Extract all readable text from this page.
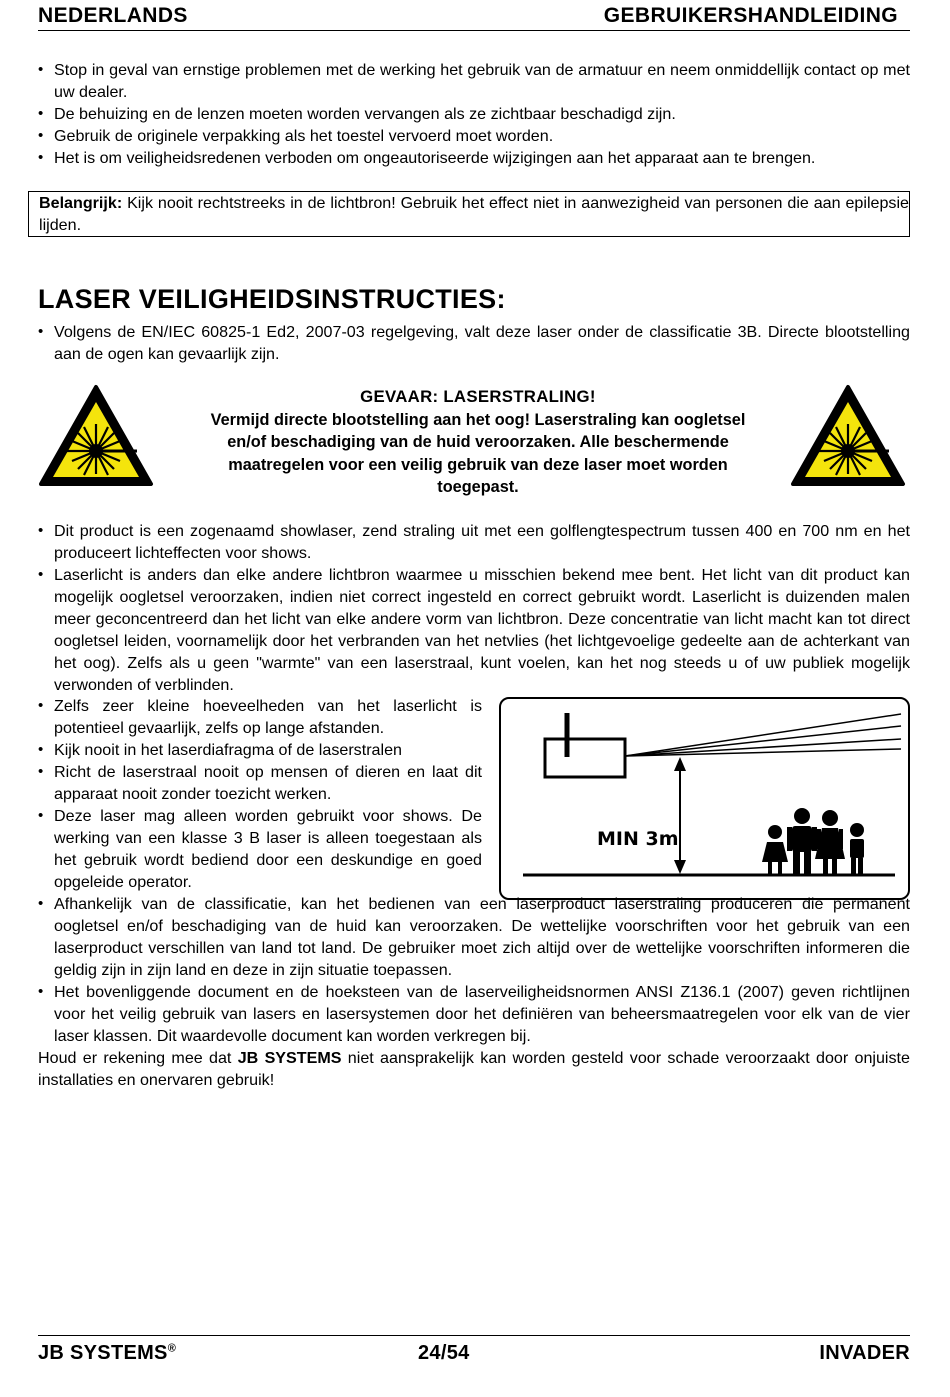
NEDERLANDS	GEBRUIKERSHANDLEIDING
• Stop in geval van ernstige problemen met de werking het gebruik van de armatuur en neem onmiddellijk contact op met uw dealer.
• De behuizing en de lenzen moeten worden vervangen als ze zichtbaar beschadigd zijn.
• Gebruik de originele verpakking als het toestel vervoerd moet worden.
• Het is om veiligheidsredenen verboden om ongeautoriseerde wijzigingen aan het apparaat aan te brengen.
Belangrijk: Kijk nooit rechtstreeks in de lichtbron! Gebruik het effect niet in aanwezigheid van personen die aan epilepsie lijden.
LASER VEILIGHEIDSINSTRUCTIES:
• Volgens de EN/IEC 60825-1 Ed2, 2007-03 regelgeving, valt deze laser onder de classificatie 3B. Directe blootstelling aan de ogen kan gevaarlijk zijn.
GEVAAR: LASERSTRALING!
Vermijd directe blootstelling aan het oog! Laserstraling kan oogletsel en/of beschadiging van de huid veroorzaken. Alle beschermende maatregelen voor een veilig gebruik van deze laser moet worden toegepast.
• Dit product is een zogenaamd showlaser, zend straling uit met een golflengtespectrum tussen 400 en 700 nm en het produceert lichteffecten voor shows.
• Laserlicht is anders dan elke andere lichtbron waarmee u misschien bekend mee bent. Het licht van dit product kan mogelijk oogletsel veroorzaken, indien niet correct ingesteld en correct gebruikt wordt. Laserlicht is duizenden malen meer geconcentreerd dan het licht van elke andere vorm van lichtbron. Deze concentratie van licht macht kan tot direct oogletsel leiden, voornamelijk door het verbranden van het netvlies (het lichtgevoelige gedeelte aan de achterkant van het oog). Zelfs als u geen "warmte" van een laserstraal, kunt voelen, kan het nog steeds u of uw publiek mogelijk verwonden of verblinden.
• Zelfs zeer kleine hoeveelheden van het laserlicht is potentieel gevaarlijk, zelfs op lange afstanden.
• Kijk nooit in het laserdiafragma of de laserstralen
• Richt de laserstraal nooit op mensen of dieren en laat dit apparaat nooit zonder toezicht werken.
• Deze laser mag alleen worden gebruikt voor shows. De werking van een klasse 3 B laser is alleen toegestaan als het gebruik wordt bediend door een deskundige en goed opgeleide operator.
MIN 3m
• Afhankelijk van de classificatie, kan het bedienen van een laserproduct laserstraling produceren die permanent oogletsel en/of beschadiging van de huid kan veroorzaken. De wettelijke voorschriften voor het gebruik van een laserproduct verschillen van land tot land. De gebruiker moet zich altijd over de wettelijke voorschriften informeren die geldig zijn in zijn land en deze in zijn situatie toepassen.
• Het bovenliggende document en de hoeksteen van de laserveiligheidsnormen ANSI Z136.1 (2007) geven richtlijnen voor het veilig gebruik van lasers en lasersystemen door het definiëren van beheersmaatregelen voor elk van de vier laser klassen. Dit waardevolle document kan worden verkregen bij.
Houd er rekening mee dat JB SYSTEMS niet aansprakelijk kan worden gesteld voor schade veroorzaakt door onjuiste installaties en onervaren gebruik!
JB SYSTEMS®	24/54	INVADER
